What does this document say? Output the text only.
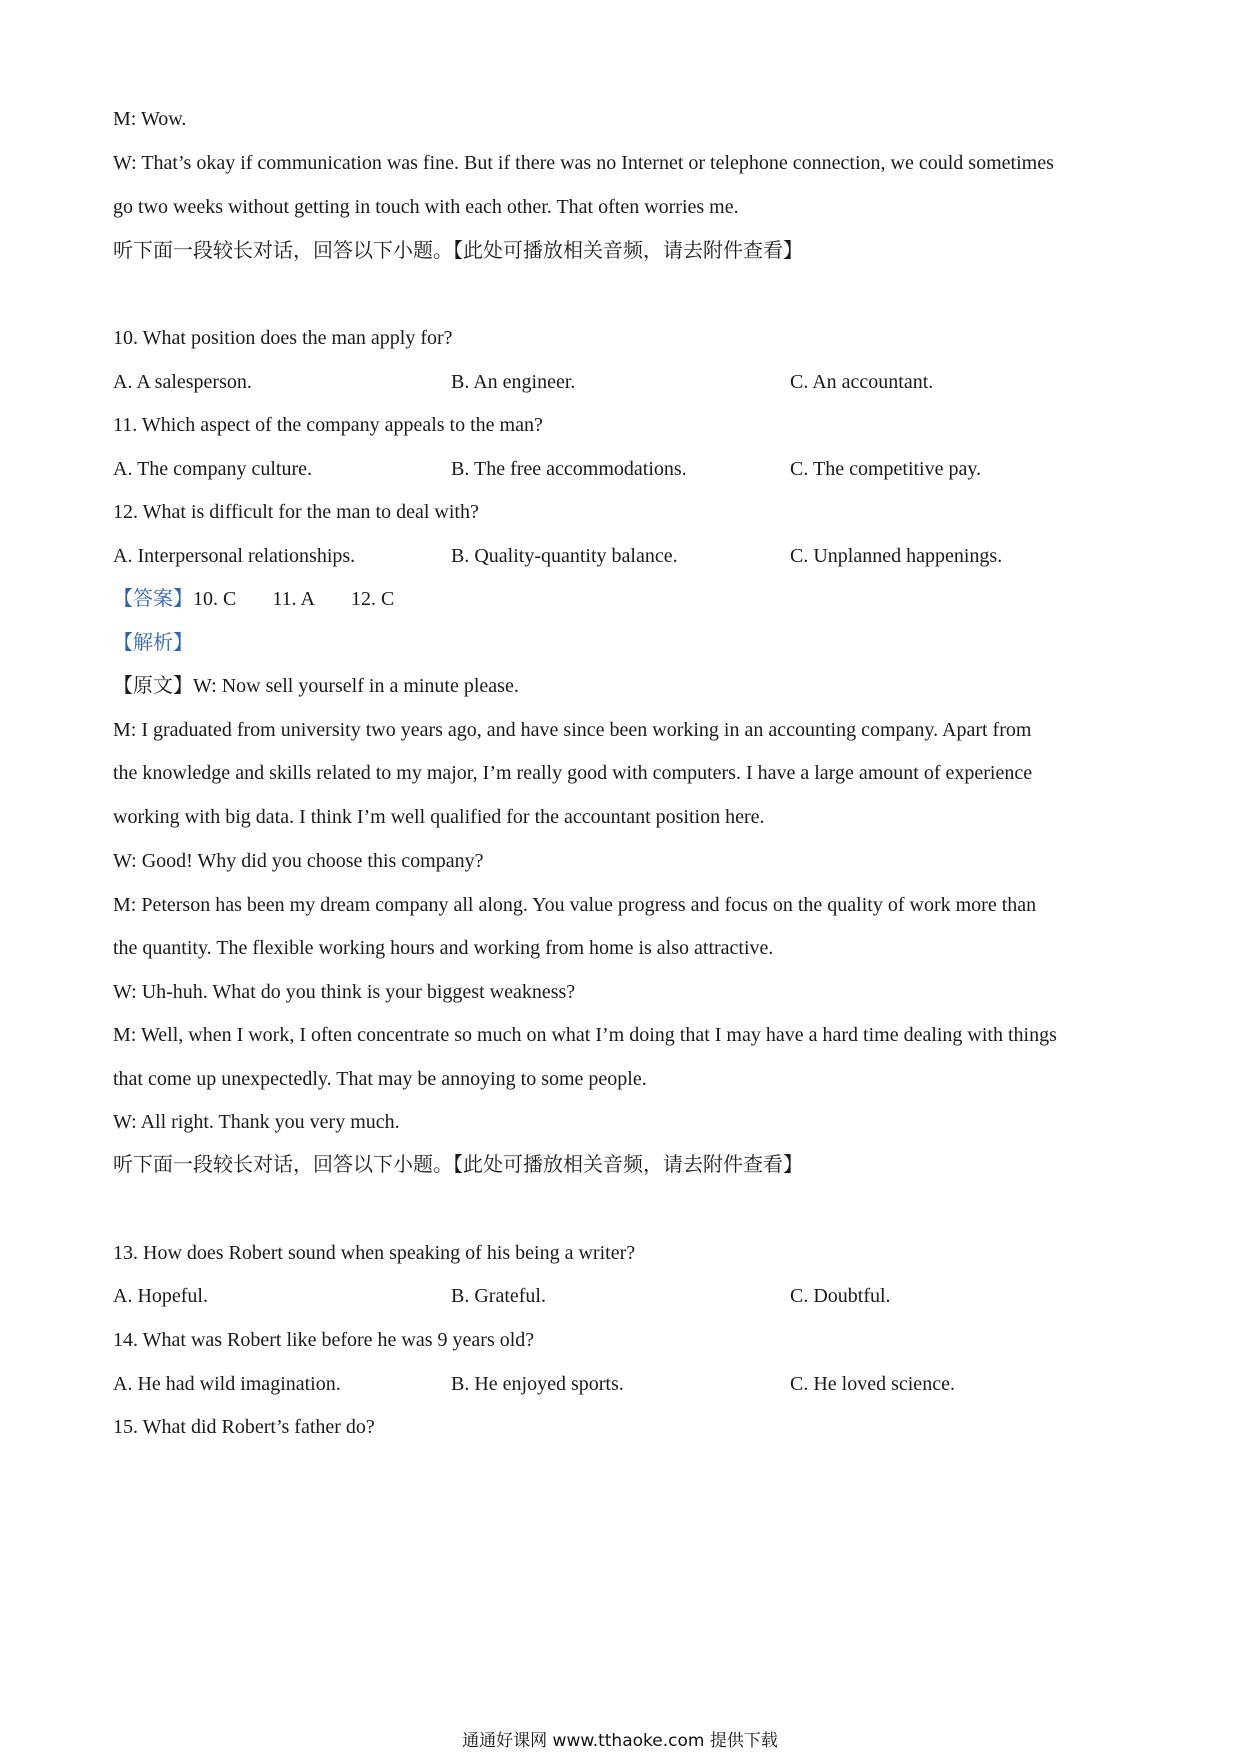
M: Wow.
W: That’s okay if communication was fine. But if there was no Internet or telephone connection, we could sometimes
go two weeks without getting in touch with each other. That often worries me.
听下面一段较长对话，回答以下小题。【此处可播放相关音频，请去附件查看】
10. What position does the man apply for?
A. A salesperson.	B. An engineer.	C. An accountant.
11. Which aspect of the company appeals to the man?
A. The company culture.	B. The free accommodations.	C. The competitive pay.
12. What is difficult for the man to deal with?
A. Interpersonal relationships.	B. Quality-quantity balance.	C. Unplanned happenings.
【答案】10. C 11. A 12. C
【解析】
【原文】W: Now sell yourself in a minute please.
M: I graduated from university two years ago, and have since been working in an accounting company. Apart from
the knowledge and skills related to my major, I’m really good with computers. I have a large amount of experience
working with big data. I think I’m well qualified for the accountant position here.
W: Good! Why did you choose this company?
M: Peterson has been my dream company all along. You value progress and focus on the quality of work more than
the quantity. The flexible working hours and working from home is also attractive.
W: Uh-huh. What do you think is your biggest weakness?
M: Well, when I work, I often concentrate so much on what I’m doing that I may have a hard time dealing with things
that come up unexpectedly. That may be annoying to some people.
W: All right. Thank you very much.
听下面一段较长对话，回答以下小题。【此处可播放相关音频，请去附件查看】
13. How does Robert sound when speaking of his being a writer?
A. Hopeful.	B. Grateful.	C. Doubtful.
14. What was Robert like before he was 9 years old?
A. He had wild imagination.	B. He enjoyed sports.	C. He loved science.
15. What did Robert’s father do?
通通好课网 www.tthaoke.com 提供下载
